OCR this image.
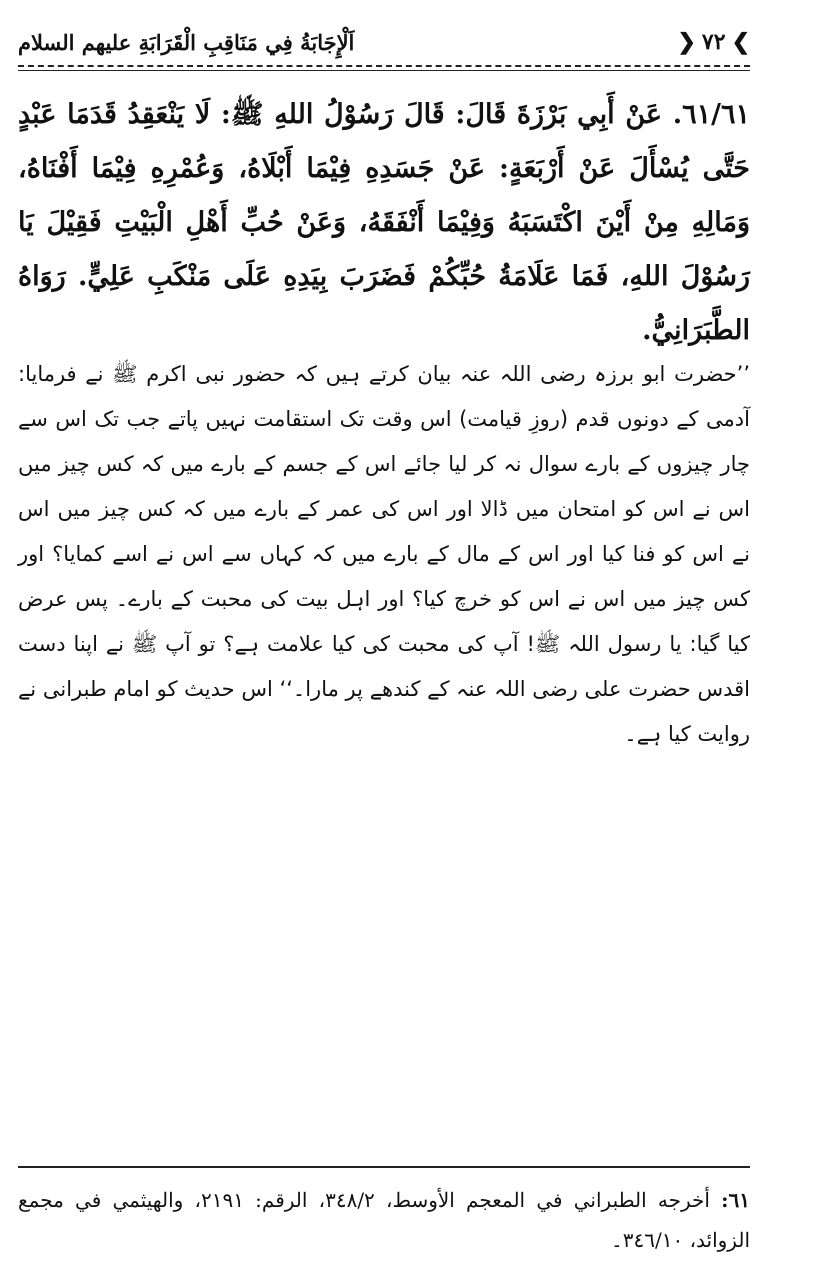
❯
٧٢
❮
اَلْإِجَابَةُ فِي مَنَاقِبِ الْقَرَابَةِ عليهم السلام
٦١/٦١. عَنْ أَبِي بَرْزَةَ قَالَ: قَالَ رَسُوْلُ اللهِ ﷺ: لَا يَنْعَقِدُ قَدَمَا عَبْدٍ حَتَّى يُسْأَلَ عَنْ أَرْبَعَةٍ: عَنْ جَسَدِهِ فِيْمَا أَبْلَاهُ، وَعُمْرِهِ فِيْمَا أَفْنَاهُ، وَمَالِهِ مِنْ أَيْنَ اكْتَسَبَهُ وَفِيْمَا أَنْفَقَهُ، وَعَنْ حُبِّ أَهْلِ الْبَيْتِ فَقِيْلَ يَا رَسُوْلَ اللهِ، فَمَا عَلَامَةُ حُبِّكُمْ فَضَرَبَ بِيَدِهِ عَلَى مَنْكَبِ عَلِيٍّ. رَوَاهُ الطَّبَرَانِيُّ.
’’حضرت ابو برزہ رضی اللہ عنہ بیان کرتے ہیں کہ حضور نبی اکرم ﷺ نے فرمایا: آدمی کے دونوں قدم (روزِ قیامت) اس وقت تک استقامت نہیں پاتے جب تک اس سے چار چیزوں کے بارے سوال نہ کر لیا جائے اس کے جسم کے بارے میں کہ کس چیز میں اس نے اس کو امتحان میں ڈالا اور اس کی عمر کے بارے میں کہ کس چیز میں اس نے اس کو فنا کیا اور اس کے مال کے بارے میں کہ کہاں سے اس نے اسے کمایا؟ اور کس چیز میں اس نے اس کو خرچ کیا؟ اور اہل بیت کی محبت کے بارے۔ پس عرض کیا گیا: یا رسول اللہ ﷺ! آپ کی محبت کی کیا علامت ہے؟ تو آپ ﷺ نے اپنا دست اقدس حضرت علی رضی اللہ عنہ کے کندھے پر مارا۔‘‘ اس حدیث کو امام طبرانی نے روایت کیا ہے۔
٦١: أخرجه الطبراني في المعجم الأوسط، ٣٤٨/٢، الرقم: ٢١٩١، والهيثمي في مجمع الزوائد، ٣٤٦/١٠۔
